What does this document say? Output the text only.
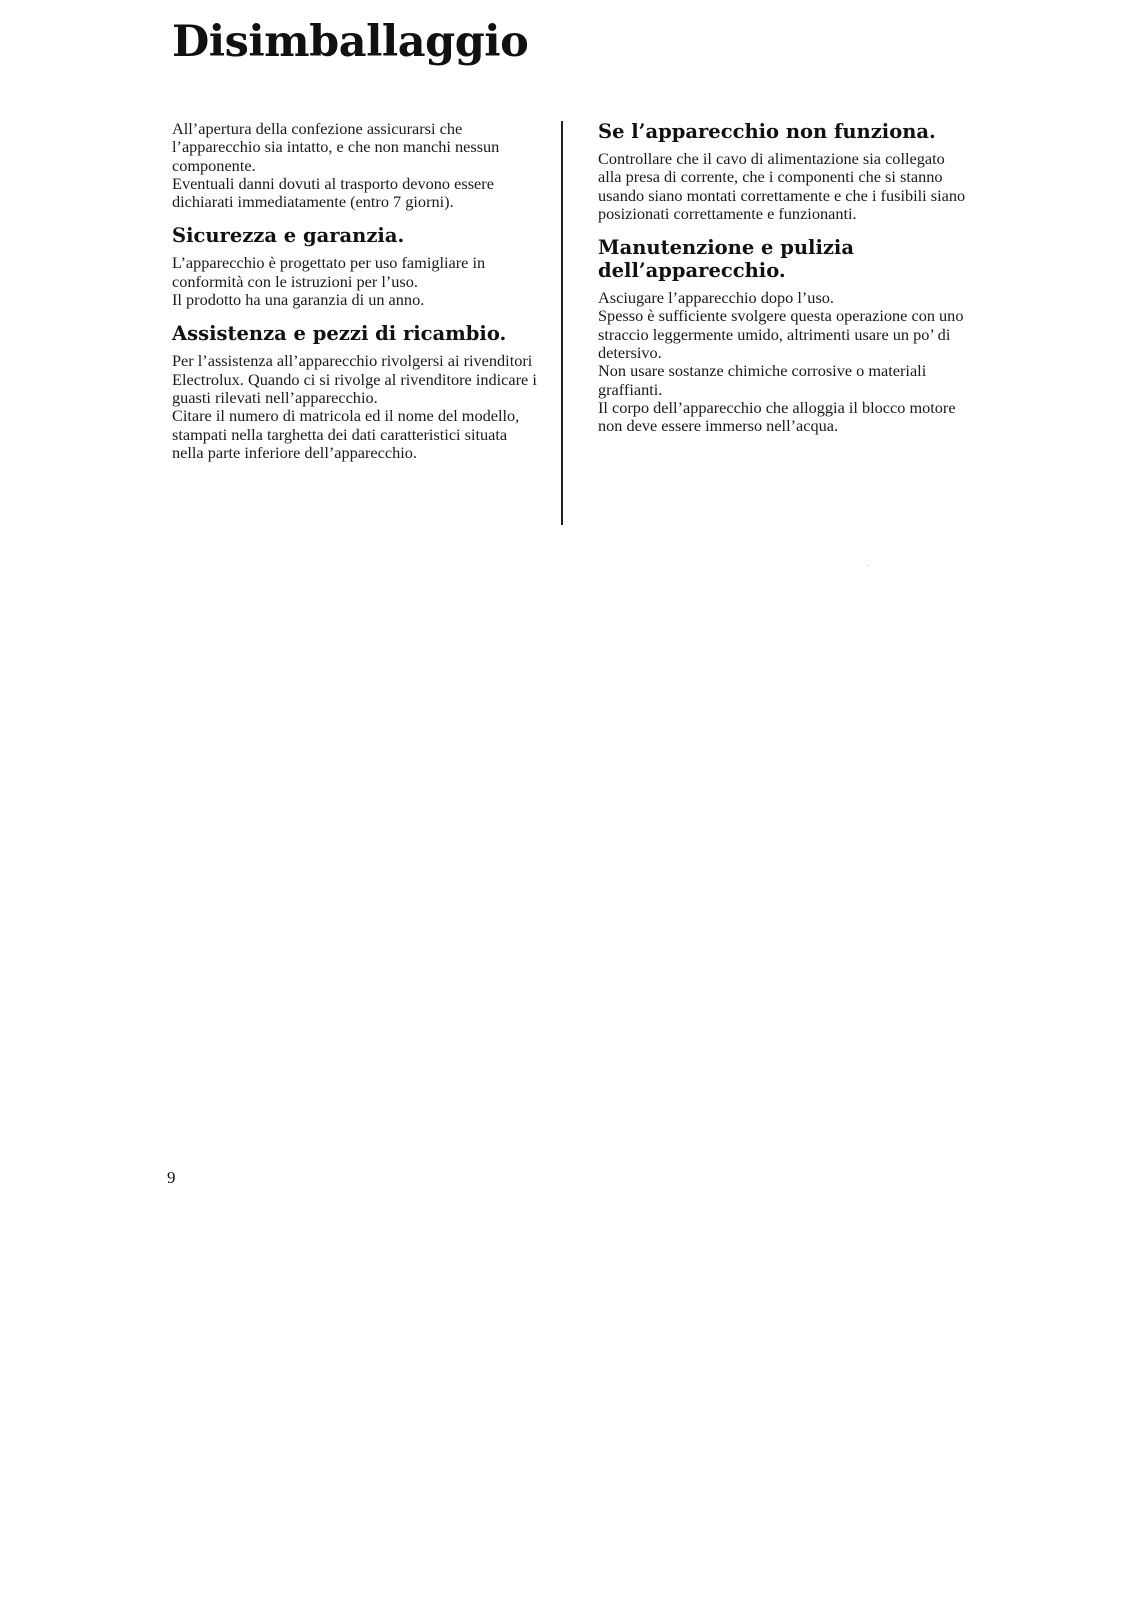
Disimballaggio

All’apertura della confezione assicurarsi che l’apparecchio sia intatto, e che non manchi nessun componente.

Eventuali danni dovuti al trasporto devono essere dichiarati immediatamente (entro 7 giorni).

Sicurezza e garanzia.

L’apparecchio è progettato per uso famigliare in conformità con le istruzioni per l’uso.

Il prodotto ha una garanzia di un anno.

Assistenza e pezzi di ricambio.

Per l’assistenza all’apparecchio rivolgersi ai rivenditori Electrolux. Quando ci si rivolge al rivenditore indicare i guasti rilevati nell’apparecchio.

Citare il numero di matricola ed il nome del modello, stampati nella targhetta dei dati caratteristici situata nella parte inferiore dell’apparecchio.

Se l’apparecchio non funziona.

Controllare che il cavo di alimentazione sia collegato alla presa di corrente, che i componenti che si stanno usando siano montati correttamente e che i fusibili siano posizionati correttamente e funzionanti.

Manutenzione e pulizia dell’apparecchio.

Asciugare l’apparecchio dopo l’uso.

Spesso è sufficiente svolgere questa operazione con uno straccio leggermente umido, altrimenti usare un po’ di detersivo.

Non usare sostanze chimiche corrosive o materiali graffianti.

Il corpo dell’apparecchio che alloggia il blocco motore non deve essere immerso nell’acqua.

9
